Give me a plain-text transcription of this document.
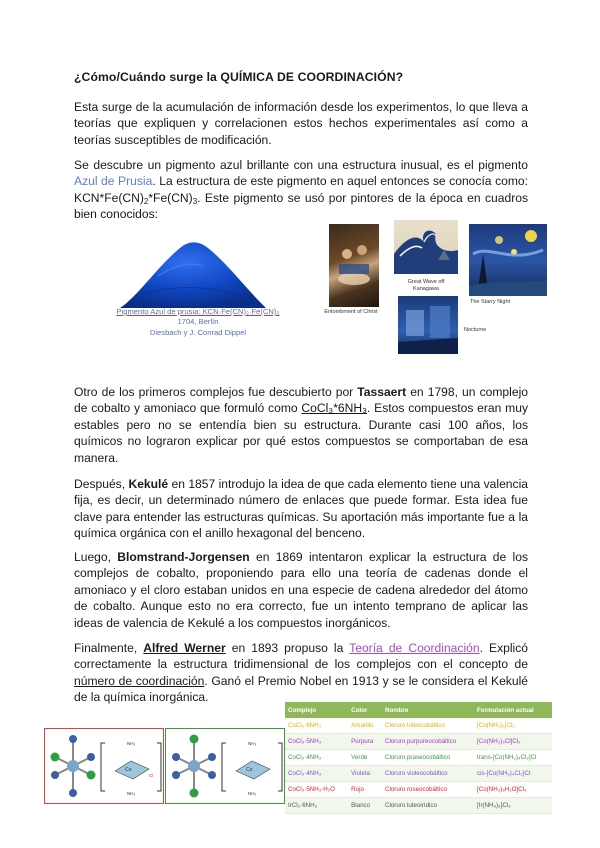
¿Cómo/Cuándo surge la QUÍMICA DE COORDINACIÓN?

Esta surge de la acumulación de información desde los experimentos, lo que lleva a teorías que expliquen y correlacionen estos hechos experimentales así como a teorías susceptibles de modificación.

Se descubre un pigmento azul brillante con una estructura inusual, es el pigmento Azul de Prusia. La estructura de este pigmento en aquel entonces se conocía como: $KCN*Fe(CN)_2*Fe(CN)_3$. Este pigmento se usó por pintores de la época en cuadros bien conocidos:

Pigmento Azul de prusia: KCN·Fe(CN)₂·Fe(CN)₃
1704, Berlín
Diesbach y J. Conrad Dippel
Entombment of Christ
Great Wave off Kanagawa
The Starry Night
Nocturne

Otro de los primeros complejos fue descubierto por Tassaert en 1798, un complejo de cobalto y amoniaco que formuló como CoCl₃*6NH₃. Estos compuestos eran muy estables pero no se entendía bien su estructura. Durante casi 100 años, los químicos no lograron explicar por qué estos compuestos se comportaban de esa manera.

Después, Kekulé en 1857 introdujo la idea de que cada elemento tiene una valencia fija, es decir, un determinado número de enlaces que puede formar. Esta idea fue clave para entender las estructuras químicas. Su aportación más importante fue a la química orgánica con el anillo hexagonal del benceno.

Luego, Blomstrand-Jorgensen en 1869 intentaron explicar la estructura de los complejos de cobalto, proponiendo para ello una teoría de cadenas donde el amoniaco y el cloro estaban unidos en una especie de cadena alrededor del átomo de cobalto. Aunque esto no era correcto, fue un intento temprano de aplicar las ideas de valencia de Kekulé a los compuestos inorgánicos.

Finalmente, Alfred Werner en 1893 propuso la Teoría de Coordinación. Explicó correctamente la estructura tridimensional de los complejos con el concepto de número de coordinación. Ganó el Premio Nobel en 1913 y se le considera el Kekulé de la química inorgánica.

Co
NH₃
NH₃
Cl
Co
NH₃
NH₃
Complejo	Color	Nombre	Formulación actual
CoCl₃·6NH₃	Amarillo	Cloruro luteocobáltico	[Co(NH₃)₆]Cl₃
CoCl₃·5NH₃	Púrpura	Cloruro purpureocobáltico	[Co(NH₃)₅Cl]Cl₂
CoCl₃·4NH₃	Verde	Cloruro praseocobáltico	trans-[Co(NH₃)₄Cl₂]Cl
CoCl₃·4NH₃	Violeta	Cloruro violeocobáltico	cis-[Co(NH₃)₄Cl₂]Cl
CoCl₃·5NH₃·H₂O	Rojo	Cloruro roseocobáltico	[Co(NH₃)₅H₂O]Cl₃
IrCl₃·6NH₃	Blanco	Cloruro luteoirídico	[Ir(NH₃)₆]Cl₃
